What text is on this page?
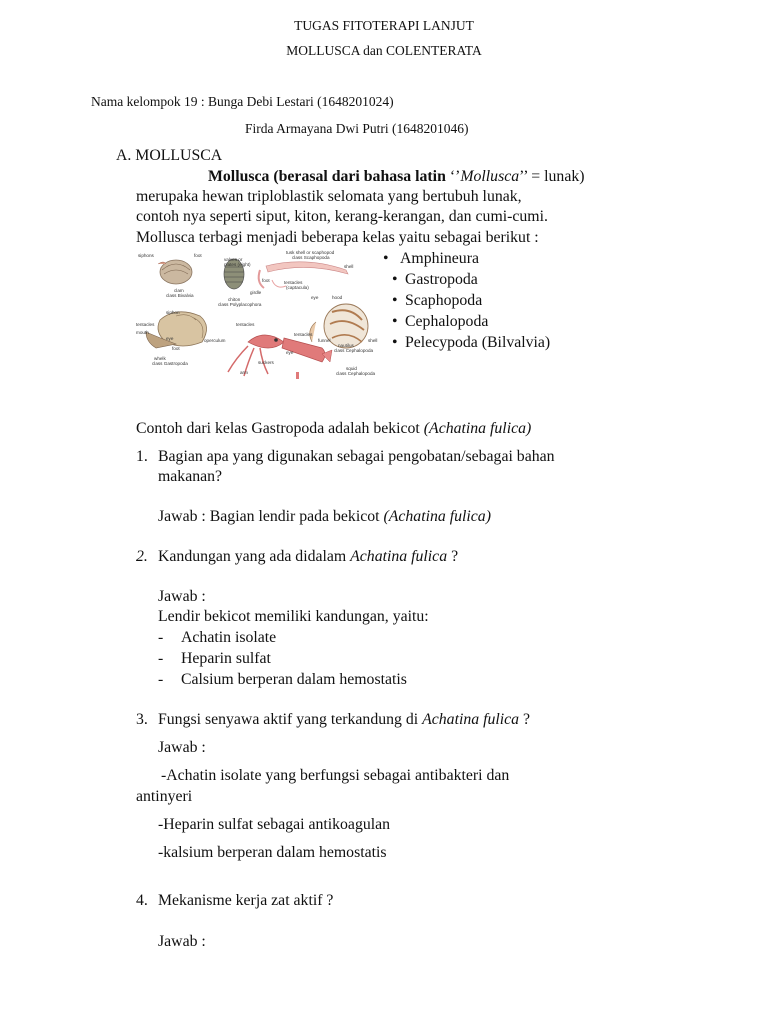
TUGAS FITOTERAPI LANJUT
MOLLUSCA dan COLENTERATA
Nama kelompok 19 : Bunga Debi Lestari (1648201024)
Firda Armayana Dwi Putri (1648201046)
A. MOLLUSCA
Mollusca (berasal dari bahasa latin ‘’Mollusca’’ = lunak)
merupaka hewan triploblastik selomata yang bertubuh lunak,
contoh nya seperti siput, kiton, kerang-kerangan, dan cumi-cumi.
Mollusca terbagi menjadi beberapa kelas yaitu sebagai berikut :
siphons	foot
valves or
plates (eight)
clam
class Bivalvia
girdle
chiton
class Polyplacophora
tusk shell or scaphopod
class Scaphopoda
shell
foot	tentacles
(captacula)
eye	hood
tentacles
funnel	shell
nautilus
class Cephalopoda
siphon
tentacles
mouth
eye
foot
operculum
whelk
class Gastropoda
tentacles
eye
suckers
arm
squid
class Cephalopoda
• Amphineura
• Gastropoda
• Scaphopoda
• Cephalopoda
• Pelecypoda (Bilvalvia)
Contoh dari kelas Gastropoda adalah bekicot (Achatina fulica)
1. Bagian apa yang digunakan sebagai pengobatan/sebagai bahan
makanan?
Jawab : Bagian lendir pada bekicot (Achatina fulica)
2. Kandungan yang ada didalam Achatina fulica ?
Jawab :
Lendir bekicot memiliki kandungan, yaitu:
- Achatin isolate
- Heparin sulfat
- Calsium berperan dalam hemostatis
3. Fungsi senyawa aktif yang terkandung di Achatina fulica ?
Jawab :
-Achatin isolate yang berfungsi sebagai antibakteri dan
antinyeri
-Heparin sulfat sebagai antikoagulan
-kalsium berperan dalam hemostatis
4. Mekanisme kerja zat aktif ?
Jawab :
